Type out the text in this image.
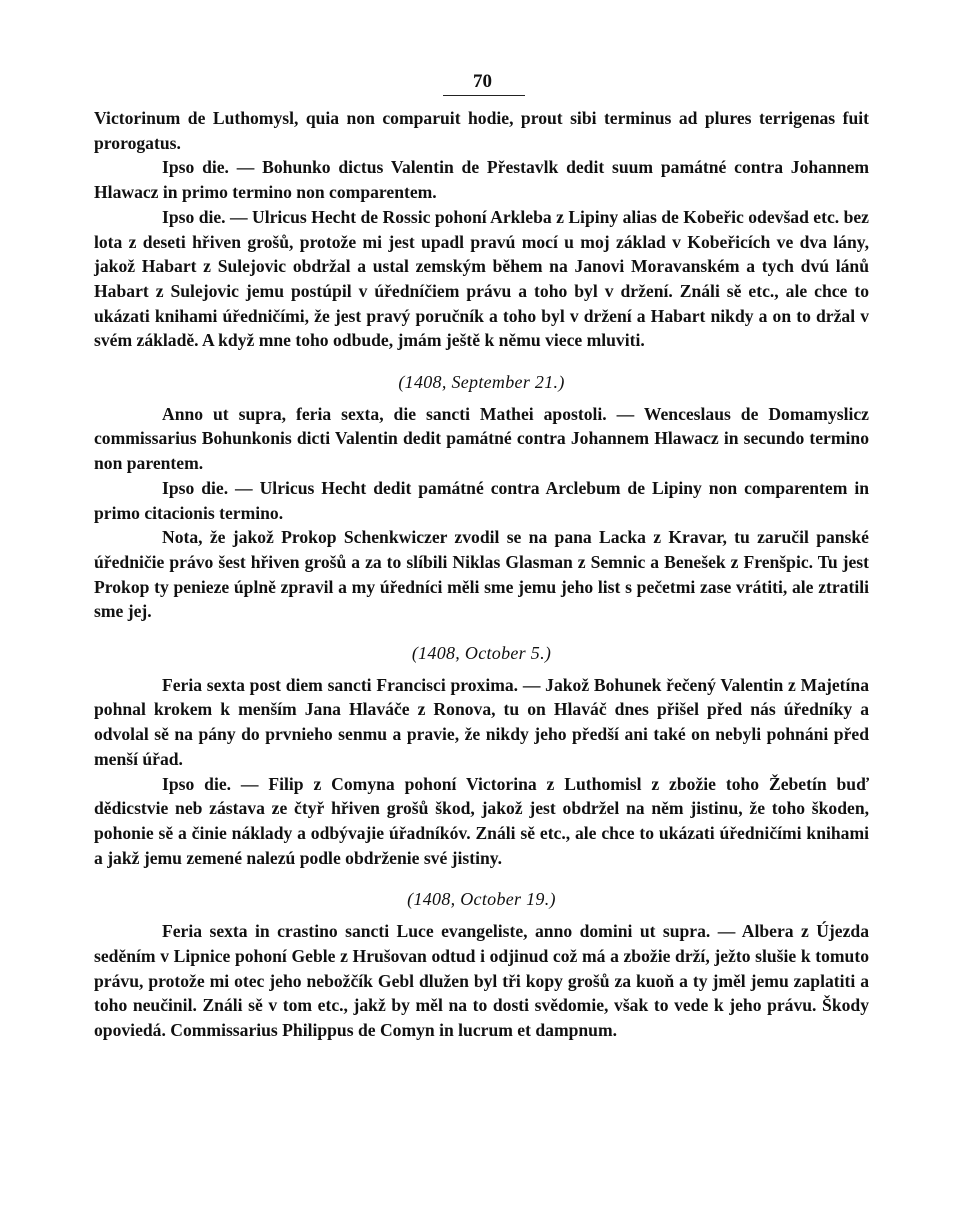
70

Victorinum de Luthomysl, quia non comparuit hodie, prout sibi terminus ad plures terrigenas fuit prorogatus.

Ipso die. — Bohunko dictus Valentin de Přestavlk dedit suum památné contra Johannem Hlawacz in primo termino non comparentem.

Ipso die. — Ulricus Hecht de Rossic pohoní Arkleba z Lipiny alias de Kobeřic odevšad etc. bez lota z deseti hřiven grošů, protože mi jest upadl pravú mocí u moj základ v Kobeřicích ve dva lány, jakož Habart z Sulejovic obdržal a ustal zemským během na Janovi Moravanském a tych dvú lánů Habart z Sulejovic jemu postúpil v úředníčiem právu a toho byl v držení. Ználi sě etc., ale chce to ukázati knihami úředničími, že jest pravý poručník a toho byl v držení a Habart nikdy a on to držal v svém základě. A když mne toho odbude, jmám ještě k němu viece mluviti.

(1408, September 21.)

Anno ut supra, feria sexta, die sancti Mathei apostoli. — Wenceslaus de Domamyslicz commissarius Bohunkonis dicti Valentin dedit památné contra Johannem Hlawacz in secundo termino non parentem.

Ipso die. — Ulricus Hecht dedit památné contra Arclebum de Lipiny non comparentem in primo citacionis termino.

Nota, že jakož Prokop Schenkwiczer zvodil se na pana Lacka z Kravar, tu zaručil panské úředničie právo šest hřiven grošů a za to slíbili Niklas Glasman z Semnic a Benešek z Frenšpic. Tu jest Prokop ty penieze úplně zpravil a my úředníci měli sme jemu jeho list s pečetmi zase vrátiti, ale ztratili sme jej.

(1408, October 5.)

Feria sexta post diem sancti Francisci proxima. — Jakož Bohunek řečený Valentin z Majetína pohnal krokem k menším Jana Hlaváče z Ronova, tu on Hlaváč dnes přišel před nás úředníky a odvolal sě na pány do prvnieho senmu a pravie, že nikdy jeho předší ani také on nebyli pohnáni před menší úřad.

Ipso die. — Filip z Comyna pohoní Victorina z Luthomisl z zbožie toho Žebetín buď dědicstvie neb zástava ze čtyř hřiven grošů škod, jakož jest obdržel na něm jistinu, že toho škoden, pohonie sě a činie náklady a odbývajie úřadníkóv. Ználi sě etc., ale chce to ukázati úředničími knihami a jakž jemu zemené nalezú podle obdrženie své jistiny.

(1408, October 19.)

Feria sexta in crastino sancti Luce evangeliste, anno domini ut supra. — Albera z Újezda seděním v Lipnice pohoní Geble z Hrušovan odtud i odjinud což má a zbožie drží, ježto slušie k tomuto právu, protože mi otec jeho nebožčík Gebl dlužen byl tři kopy grošů za kuoň a ty jměl jemu zaplatiti a toho neučinil. Ználi sě v tom etc., jakž by měl na to dosti svědomie, však to vede k jeho právu. Škody opoviedá. Commissarius Philippus de Comyn in lucrum et dampnum.
